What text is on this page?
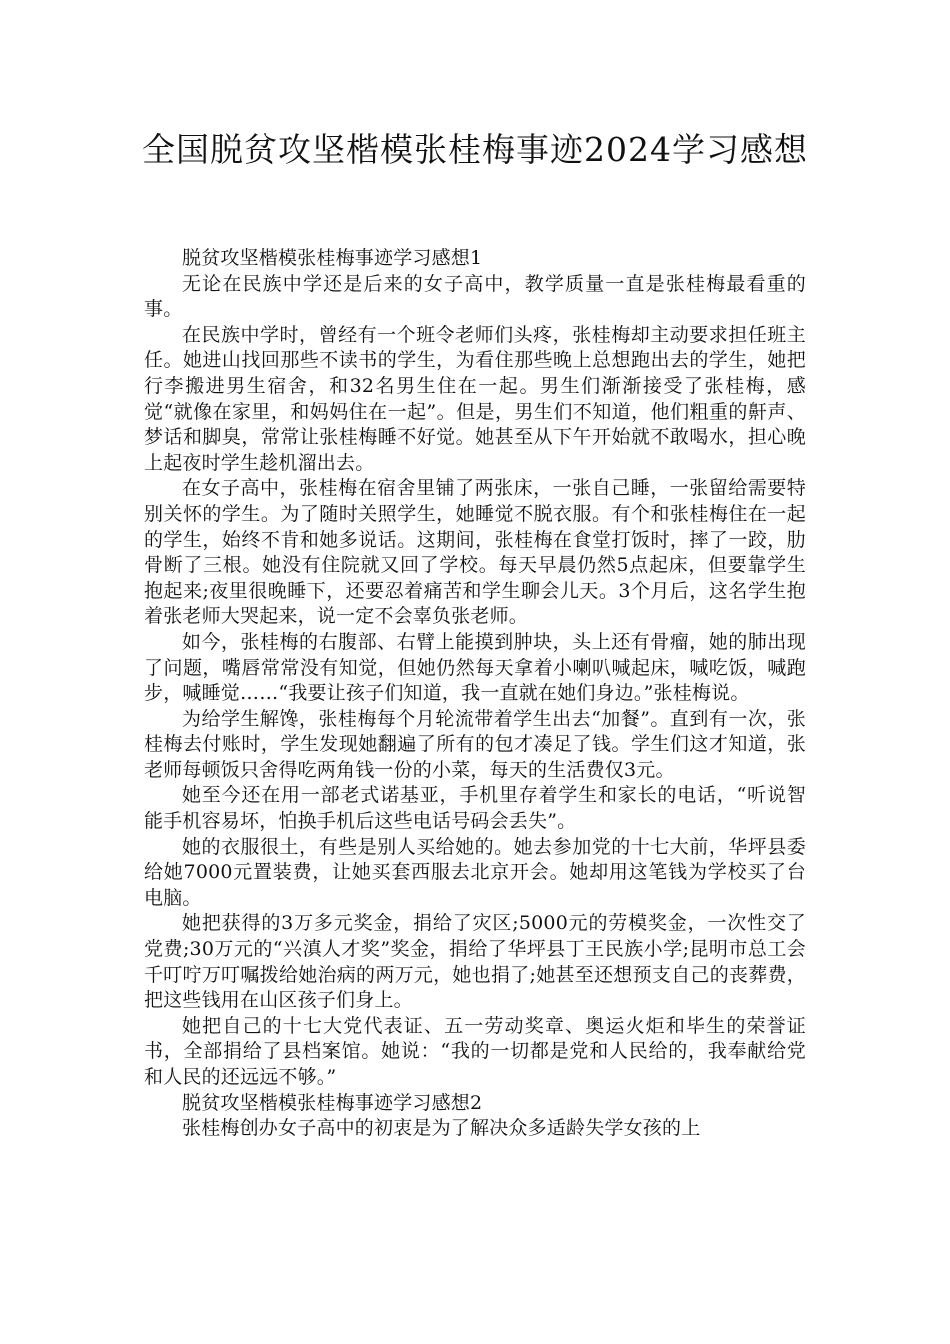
全国脱贫攻坚楷模张桂梅事迹2024学习感想

脱贫攻坚楷模张桂梅事迹学习感想1

无论在民族中学还是后来的女子高中，教学质量一直是张桂梅最看重的事。

在民族中学时，曾经有一个班令老师们头疼，张桂梅却主动要求担任班主任。她进山找回那些不读书的学生，为看住那些晚上总想跑出去的学生，她把行李搬进男生宿舍，和32名男生住在一起。男生们渐渐接受了张桂梅，感觉“就像在家里，和妈妈住在一起”。但是，男生们不知道，他们粗重的鼾声、梦话和脚臭，常常让张桂梅睡不好觉。她甚至从下午开始就不敢喝水，担心晚上起夜时学生趁机溜出去。

在女子高中，张桂梅在宿舍里铺了两张床，一张自己睡，一张留给需要特别关怀的学生。为了随时关照学生，她睡觉不脱衣服。有个和张桂梅住在一起的学生，始终不肯和她多说话。这期间，张桂梅在食堂打饭时，摔了一跤，肋骨断了三根。她没有住院就又回了学校。每天早晨仍然5点起床，但要靠学生抱起来;夜里很晚睡下，还要忍着痛苦和学生聊会儿天。3个月后，这名学生抱着张老师大哭起来，说一定不会辜负张老师。

如今，张桂梅的右腹部、右臂上能摸到肿块，头上还有骨瘤，她的肺出现了问题，嘴唇常常没有知觉，但她仍然每天拿着小喇叭喊起床，喊吃饭，喊跑步，喊睡觉……“我要让孩子们知道，我一直就在她们身边。”张桂梅说。

为给学生解馋，张桂梅每个月轮流带着学生出去“加餐”。直到有一次，张桂梅去付账时，学生发现她翻遍了所有的包才凑足了钱。学生们这才知道，张老师每顿饭只舍得吃两角钱一份的小菜，每天的生活费仅3元。

她至今还在用一部老式诺基亚，手机里存着学生和家长的电话，“听说智能手机容易坏，怕换手机后这些电话号码会丢失”。

她的衣服很土，有些是别人买给她的。她去参加党的十七大前，华坪县委给她7000元置装费，让她买套西服去北京开会。她却用这笔钱为学校买了台电脑。

她把获得的3万多元奖金，捐给了灾区;5000元的劳模奖金，一次性交了党费;30万元的“兴滇人才奖”奖金，捐给了华坪县丁王民族小学;昆明市总工会千叮咛万叮嘱拨给她治病的两万元，她也捐了;她甚至还想预支自己的丧葬费，把这些钱用在山区孩子们身上。

她把自己的十七大党代表证、五一劳动奖章、奥运火炬和毕生的荣誉证书，全部捐给了县档案馆。她说：“我的一切都是党和人民给的，我奉献给党和人民的还远远不够。”

脱贫攻坚楷模张桂梅事迹学习感想2

张桂梅创办女子高中的初衷是为了解决众多适龄失学女孩的上
